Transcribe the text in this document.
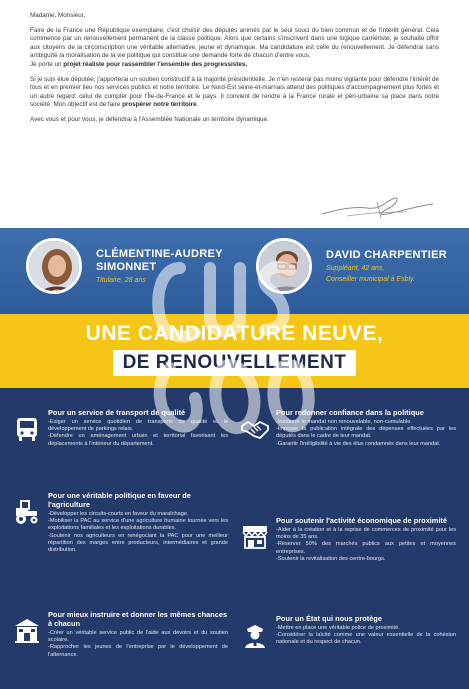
Madame, Monsieur,

Faire de la France une République exemplaire, c'est choisir des députés animés par le seul souci du bien commun et de l'intérêt général. Cela commence par un renouvellement permanent de la classe politique. Alors que certains s'inscrivent dans une logique carriériste, je souhaite offrir aux citoyens de la circonscription une véritable alternative, jeune et dynamique. Ma candidature est celle du renouvellement. Je défendrai sans ambiguïté la moralisation de la vie politique qui constitue une demande forte de chacun d'entre vous.
Je porte un projet réaliste pour rassembler l'ensemble des progressistes.

Si je suis élue députée, j'apporterai un soutien constructif à la majorité présidentielle. Je n'en resterai pas moins vigilante pour défendre l'intérêt de tous et en premier lieu nos services publics et notre territoire. Le Nord-Est seine-et-marnais attend des politiques d'accompagnement plus fortes et un autre regard: celui de compter pour l'Île-de-France et le pays. Il convient de rendre à la France rurale et péri-urbaine sa place dans notre société. Mon objectif est de faire prospérer notre territoire.

Avec vous et pour vous, je défendrai à l'Assemblée Nationale un territoire dynamique.

CLÉMENTINE-AUDREY
SIMONNET
Titulaire, 28 ans
DAVID CHARPENTIER
Suppléant, 42 ans,
Conseiller municipal à Esbly.
UNE CANDIDATURE NEUVE,
DE RENOUVELLEMENT
Pour un service de transport de qualité
-Exiger un service quotidien de transports de qualité et le développement de parkings relais.
-Défendre un aménagement urbain et territorial favorisant les déplacements à l'intérieur du département.
Pour une véritable politique en faveur de l'agriculture
-Développer les circuits-courts en faveur du maraîchage.
-Mobiliser la PAC au service d'une agriculture humaine tournée vers les exploitations familiales et les exploitations durables.
-Soutenir nos agriculteurs en renégociant la PAC pour une meilleur répartition des marges entre producteurs, intermédiaires et grande distribution.
Pour mieux instruire et donner les mêmes chances à chacun
-Créer un véritable service public de l'aide aux devoirs et du soutien scolaire.
-Rapprocher les jeunes de l'entreprise par le développement de l'alternance.
Pour redonner confiance dans la politique
-Instaurer le mandat non renouvelable, non-cumulable.
-Imposer la publication intégrale des dépenses effectuées par les députés dans le cadre de leur mandat.
-Garantir l'inéligibilité à vie des élus condamnés dans leur mandat.
Pour soutenir l'activité économique de proximité
-Aider à la création et à la reprise de commerces de proximité pour les moins de 35 ans.
-Réserver 50% des marchés publics aux petites et moyennes entreprises.
-Soutenir la revitalisation des centre-bourgs.
Pour un État qui nous protège
-Mettre en place une véritable police de proximité.
-Considérer la laïcité comme une valeur essentielle de la cohésion nationale et du respect de chacun.
